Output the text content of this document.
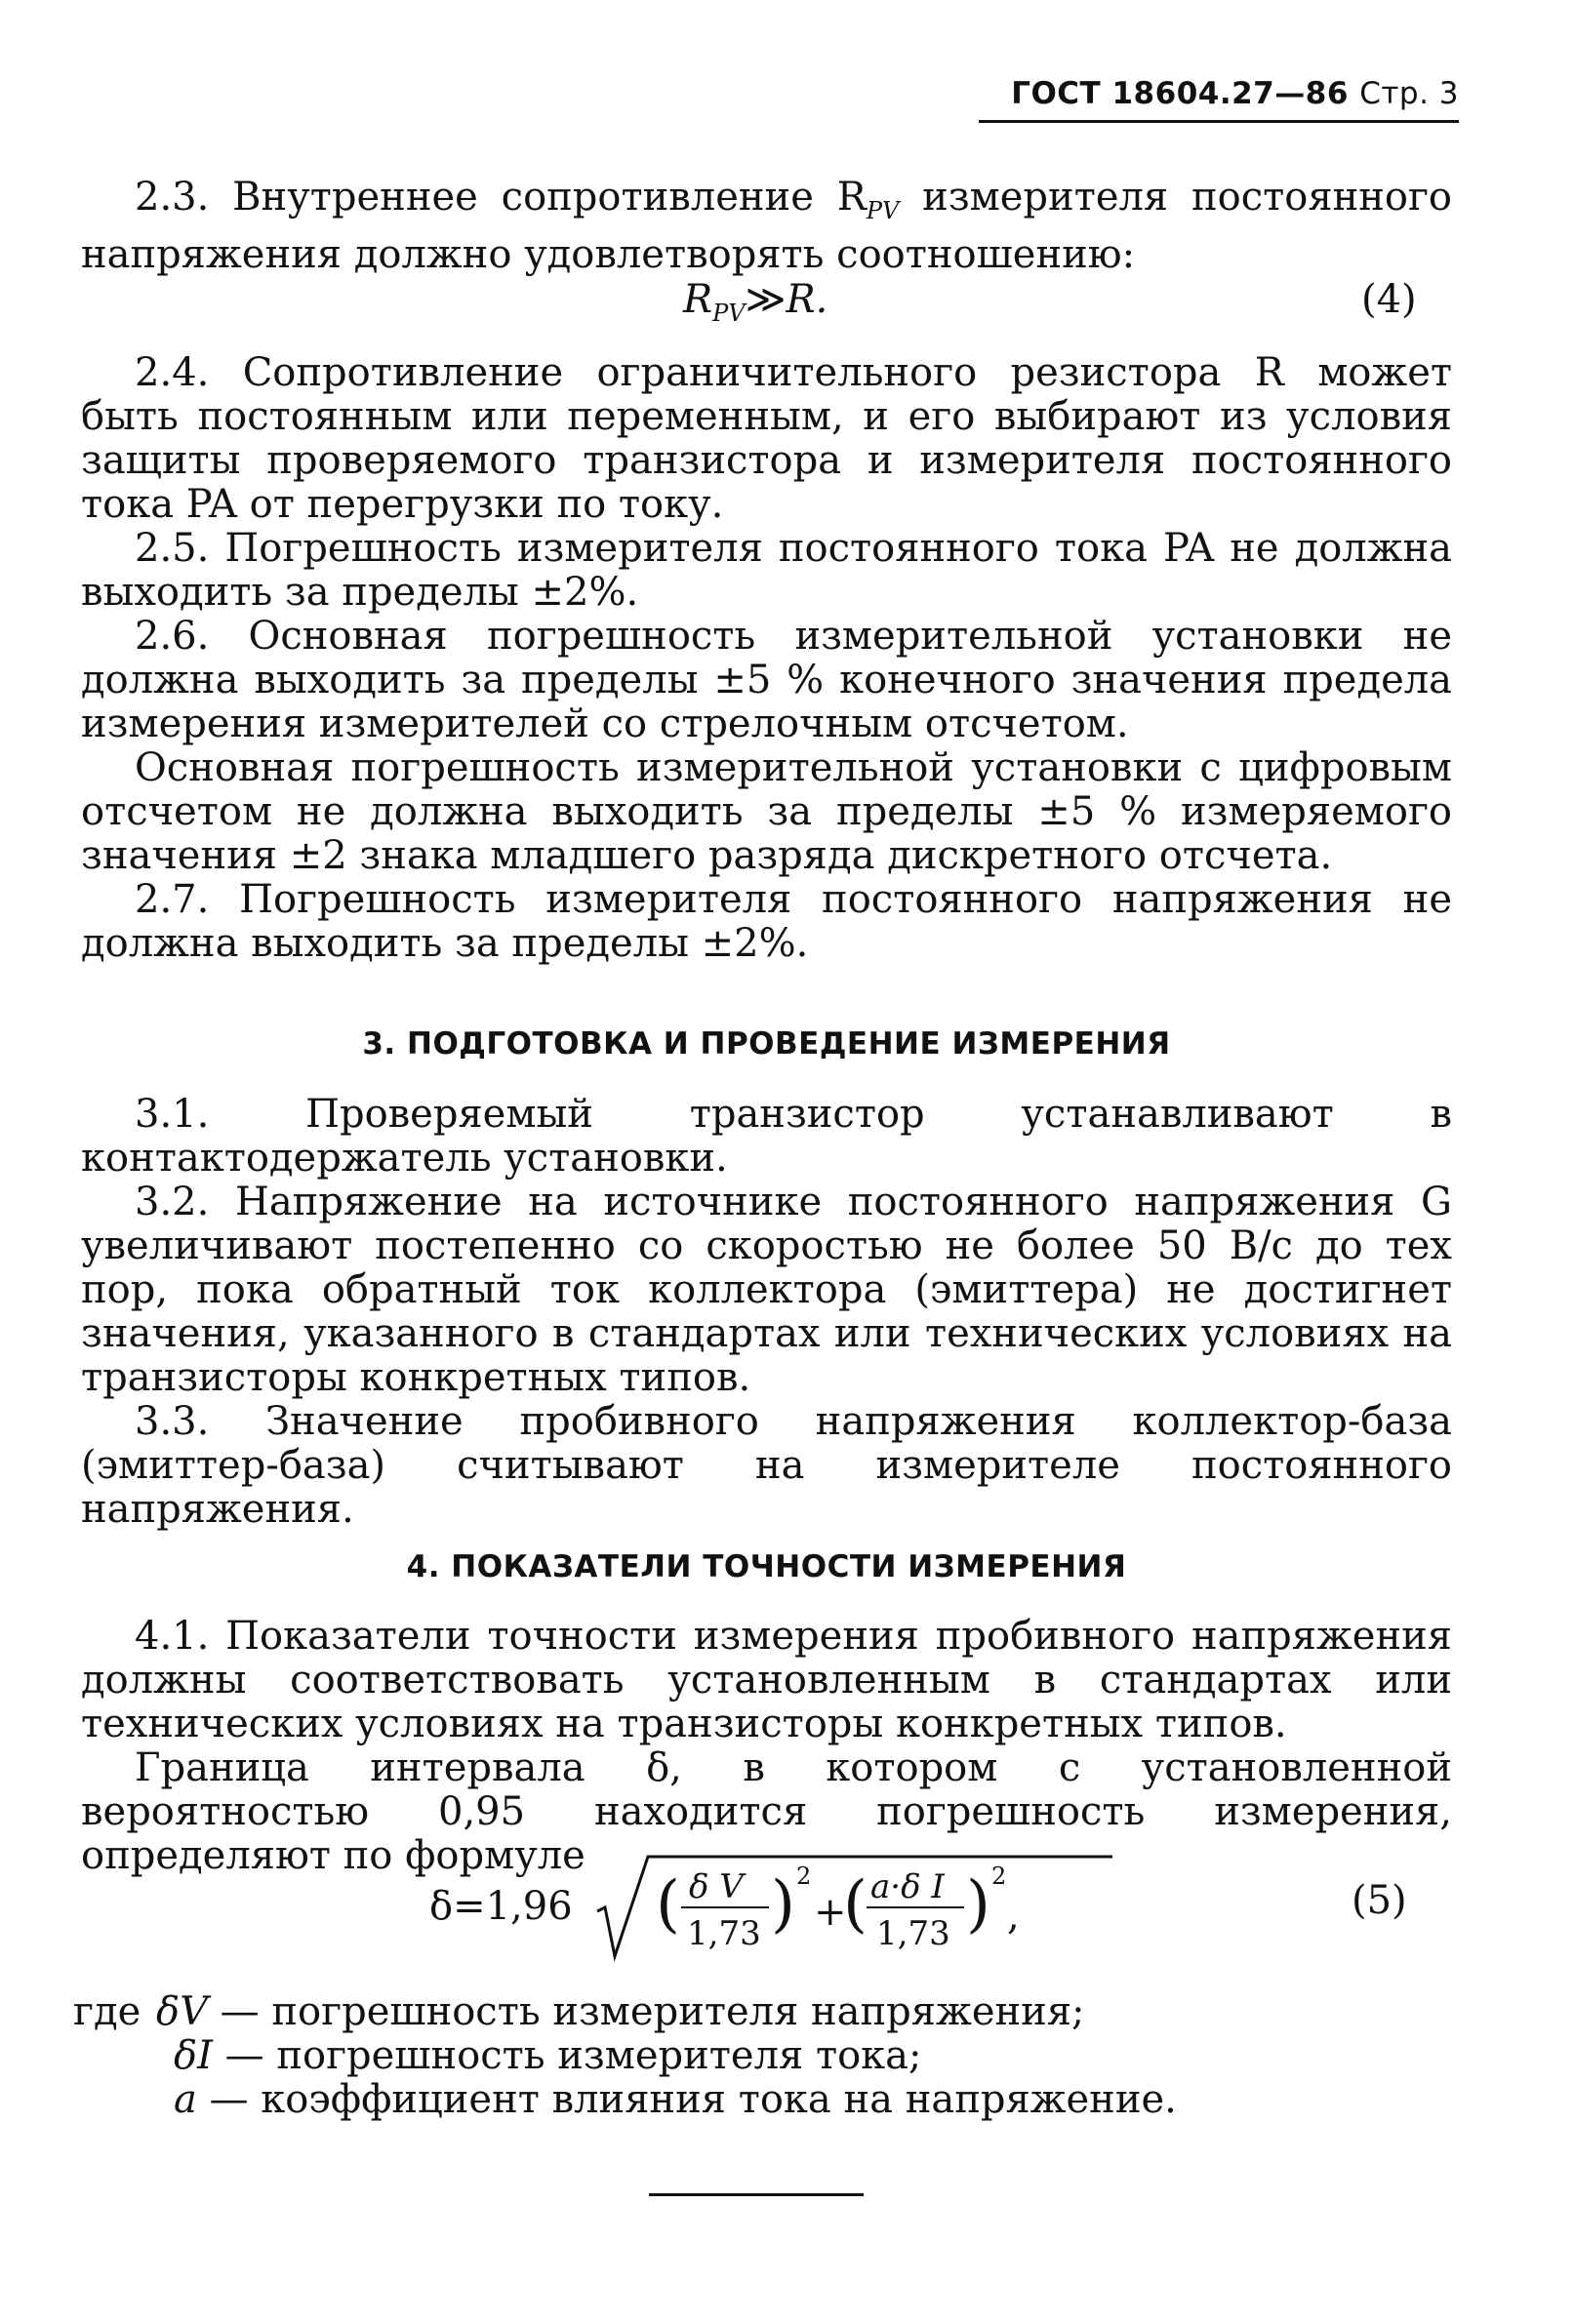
ГОСТ 18604.27—86 Стр. 3

2.3. Внутреннее сопротивление $R_{PV}$ измерителя постоянного напряжения должно удовлетворять соотношению:

$R_{PV}≫R$.	(4)

2.4. Сопротивление ограничительного резистора R может быть постоянным или переменным, и его выбирают из условия защиты проверяемого транзистора и измерителя постоянного тока PA от перегрузки по току.

2.5. Погрешность измерителя постоянного тока PA не должна выходить за пределы ±2%.

2.6. Основная погрешность измерительной установки не должна выходить за пределы ±5 % конечного значения предела измерения измерителей со стрелочным отсчетом.

Основная погрешность измерительной установки с цифровым отсчетом не должна выходить за пределы ±5 % измеряемого значения ±2 знака младшего разряда дискретного отсчета.

2.7. Погрешность измерителя постоянного напряжения не должна выходить за пределы ±2%.

3. ПОДГОТОВКА И ПРОВЕДЕНИЕ ИЗМЕРЕНИЯ

3.1. Проверяемый транзистор устанавливают в контактодержатель установки.

3.2. Напряжение на источнике постоянного напряжения G увеличивают постепенно со скоростью не более 50 В/с до тех пор, пока обратный ток коллектора (эмиттера) не достигнет значения, указанного в стандартах или технических условиях на транзисторы конкретных типов.

3.3. Значение пробивного напряжения коллектор-база (эмиттер-база) считывают на измерителе постоянного напряжения.

4. ПОКАЗАТЕЛИ ТОЧНОСТИ ИЗМЕРЕНИЯ

4.1. Показатели точности измерения пробивного напряжения должны соответствовать установленным в стандартах или технических условиях на транзисторы конкретных типов.

Граница интервала δ, в котором с установленной вероятностью 0,95 находится погрешность измерения, определяют по формуле

δ=1,96 ( δ V
1,73 ) 2
+
( a·δ I
1,73 ) 2
,	(5)
где δV — погрешность измерителя напряжения;
δI — погрешность измерителя тока;
a — коэффициент влияния тока на напряжение.
